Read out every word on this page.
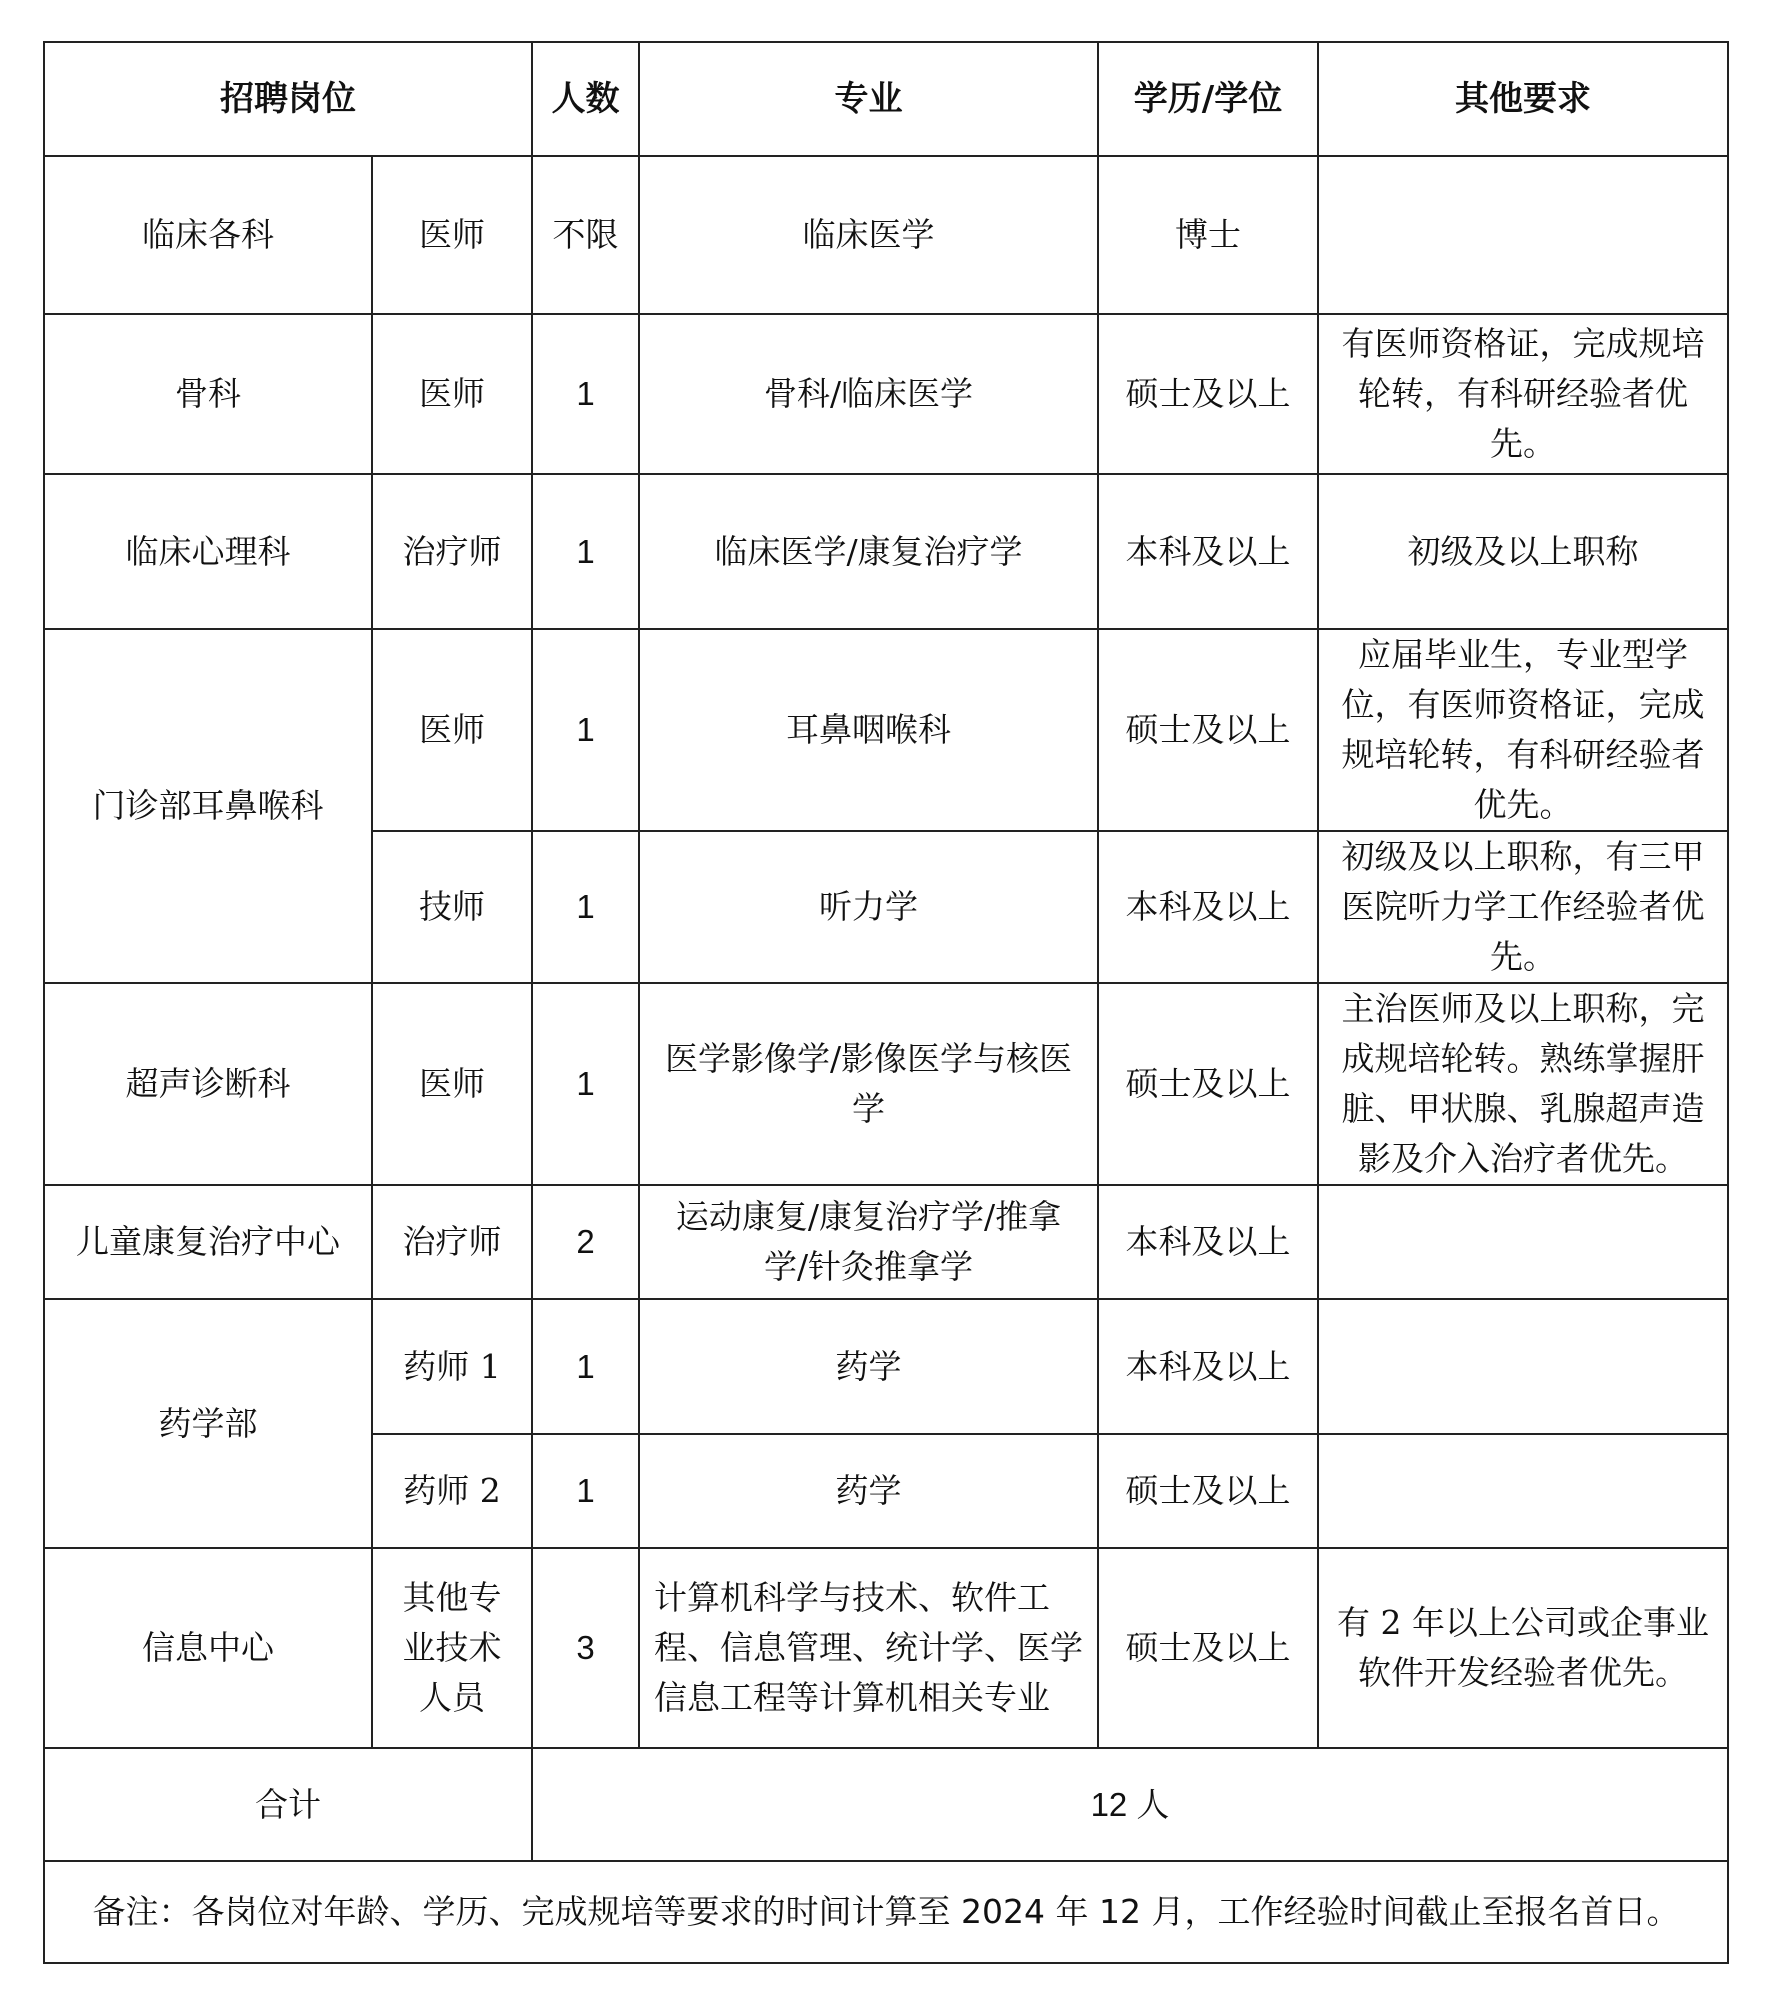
招聘岗位		人数	专业	学历/学位	其他要求
临床各科	医师	不限	临床医学	博士	
骨科	医师	1	骨科/临床医学	硕士及以上	有医师资格证，完成规培轮转，有科研经验者优先。
临床心理科	治疗师	1	临床医学/康复治疗学	本科及以上	初级及以上职称
门诊部耳鼻喉科	医师	1	耳鼻咽喉科	硕士及以上	应届毕业生，专业型学位，有医师资格证，完成规培轮转，有科研经验者优先。
	技师	1	听力学	本科及以上	初级及以上职称，有三甲医院听力学工作经验者优先。
超声诊断科	医师	1	医学影像学/影像医学与核医学	硕士及以上	主治医师及以上职称，完成规培轮转。熟练掌握肝脏、甲状腺、乳腺超声造影及介入治疗者优先。
儿童康复治疗中心	治疗师	2	运动康复/康复治疗学/推拿学/针灸推拿学	本科及以上	
药学部	药师 1	1	药学	本科及以上	
	药师 2	1	药学	硕士及以上	
信息中心	其他专业技术人员	3	计算机科学与技术、软件工程、信息管理、统计学、医学信息工程等计算机相关专业	硕士及以上	有 2 年以上公司或企事业软件开发经验者优先。
合计		12 人			
备注：各岗位对年龄、学历、完成规培等要求的时间计算至 2024 年 12 月，工作经验时间截止至报名首日。					
